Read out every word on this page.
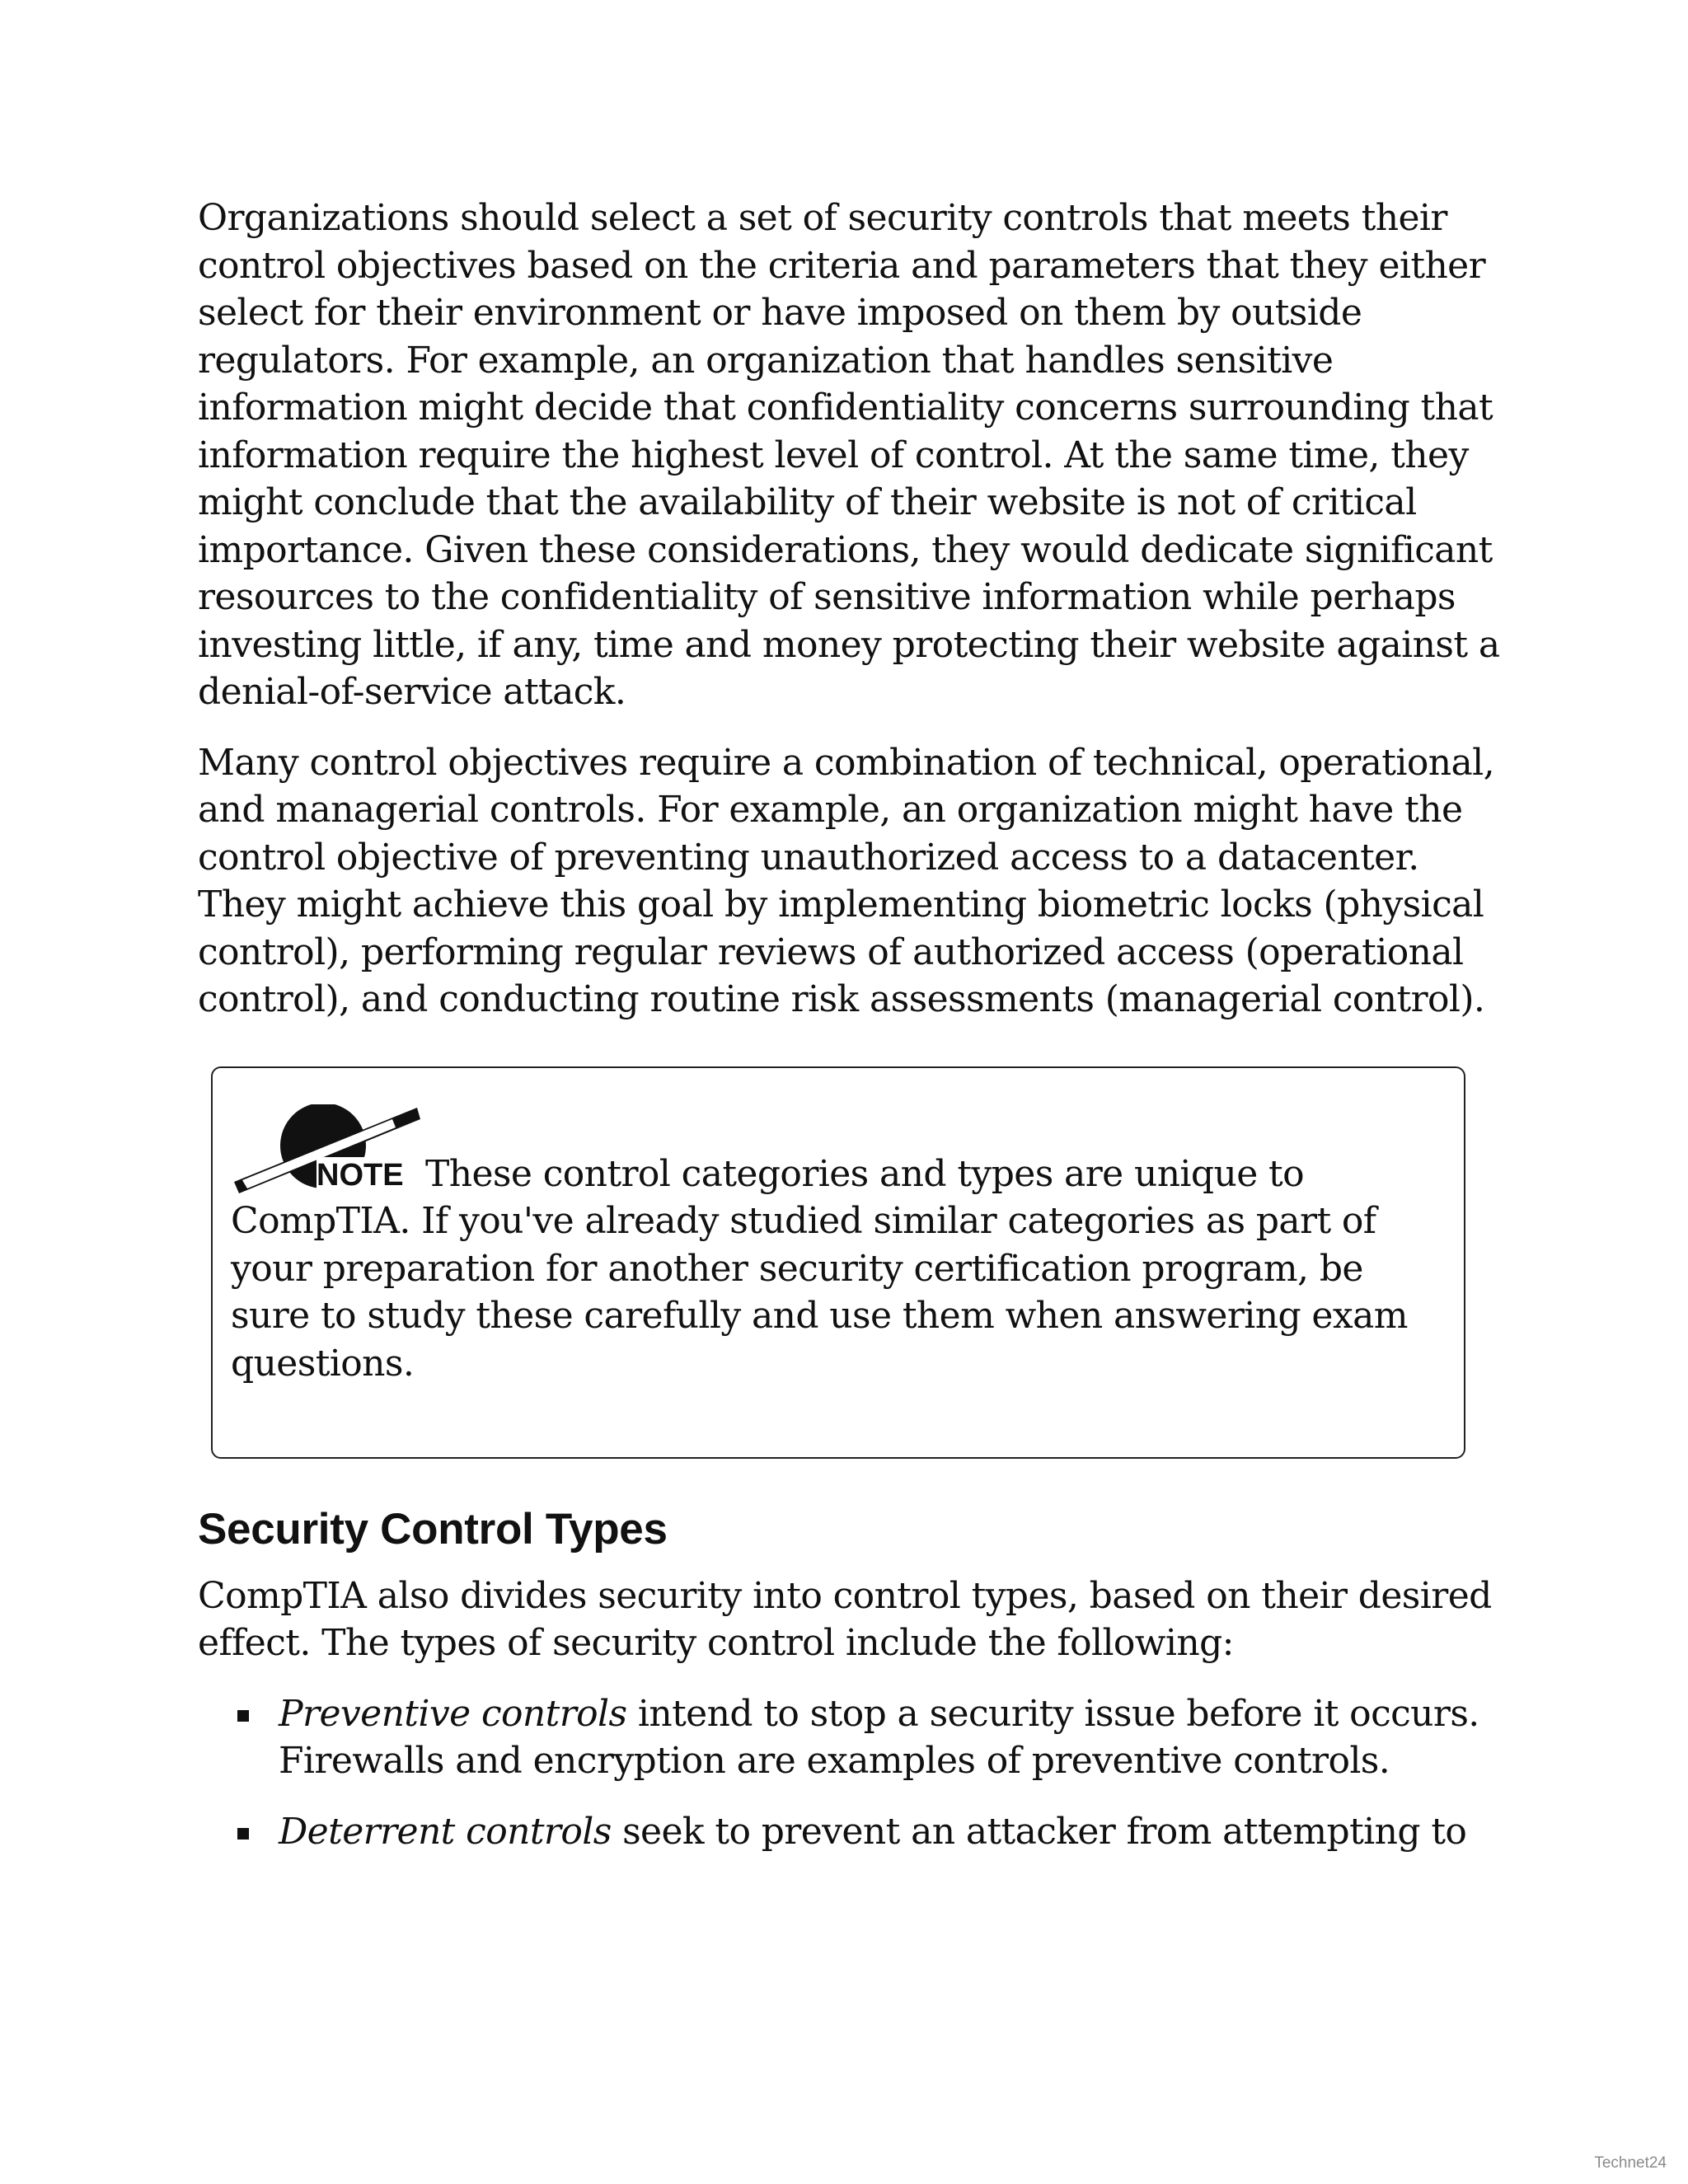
Organizations should select a set of security controls that meets their control objectives based on the criteria and parameters that they either select for their environment or have imposed on them by outside regulators. For example, an organization that handles sensitive information might decide that confidentiality concerns surrounding that information require the highest level of control. At the same time, they might conclude that the availability of their website is not of critical importance. Given these considerations, they would dedicate significant resources to the confidentiality of sensitive information while perhaps investing little, if any, time and money protecting their website against a denial-of-service attack.

Many control objectives require a combination of technical, operational, and managerial controls. For example, an organization might have the control objective of preventing unauthorized access to a datacenter. They might achieve this goal by implementing biometric locks (physical control), performing regular reviews of authorized access (operational control), and conducting routine risk assessments (managerial control).

NOTE These control categories and types are unique to CompTIA. If you've already studied similar categories as part of your preparation for another security certification program, be sure to study these carefully and use them when answering exam questions.

Security Control Types

CompTIA also divides security into control types, based on their desired effect. The types of security control include the following:

Preventive controls intend to stop a security issue before it occurs. Firewalls and encryption are examples of preventive controls.
Deterrent controls seek to prevent an attacker from attempting to
Technet24
